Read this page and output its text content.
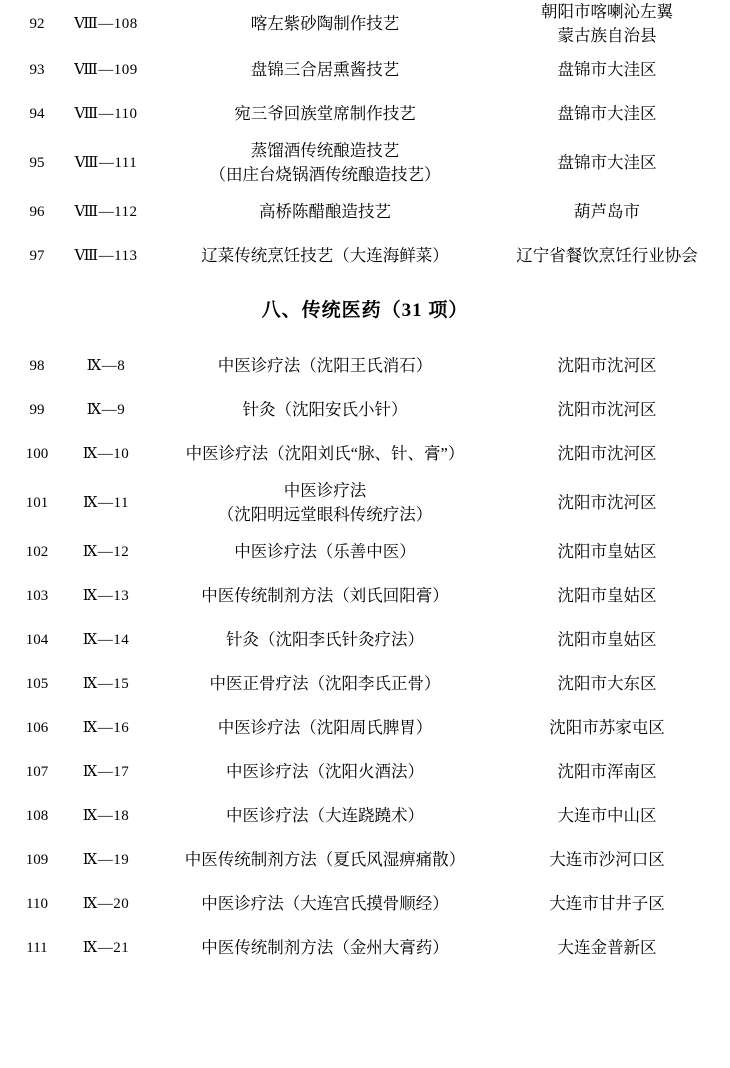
92	Ⅷ—108	喀左紫砂陶制作技艺	朝阳市喀喇沁左翼
蒙古族自治县

93	Ⅷ—109	盘锦三合居熏酱技艺	盘锦市大洼区
94	Ⅷ—110	宛三爷回族堂席制作技艺	盘锦市大洼区
95	Ⅷ—111	蒸馏酒传统酿造技艺
（田庄台烧锅酒传统酿造技艺）	盘锦市大洼区
96	Ⅷ—112	高桥陈醋酿造技艺	葫芦岛市
97	Ⅷ—113	辽菜传统烹饪技艺（大连海鲜菜）	辽宁省餐饮烹饪行业协会
八、传统医药（31 项）			
98	Ⅸ—8	中医诊疗法（沈阳王氏消石）	沈阳市沈河区
99	Ⅸ—9	针灸（沈阳安氏小针）	沈阳市沈河区
100	Ⅸ—10	中医诊疗法（沈阳刘氏“脉、针、膏”）	沈阳市沈河区
101	Ⅸ—11	中医诊疗法
（沈阳明远堂眼科传统疗法）	沈阳市沈河区
102	Ⅸ—12	中医诊疗法（乐善中医）	沈阳市皇姑区
103	Ⅸ—13	中医传统制剂方法（刘氏回阳膏）	沈阳市皇姑区
104	Ⅸ—14	针灸（沈阳李氏针灸疗法）	沈阳市皇姑区
105	Ⅸ—15	中医正骨疗法（沈阳李氏正骨）	沈阳市大东区
106	Ⅸ—16	中医诊疗法（沈阳周氏脾胃）	沈阳市苏家屯区
107	Ⅸ—17	中医诊疗法（沈阳火酒法）	沈阳市浑南区
108	Ⅸ—18	中医诊疗法（大连跷蹺术）	大连市中山区
109	Ⅸ—19	中医传统制剂方法（夏氏风湿痹痛散）	大连市沙河口区
110	Ⅸ—20	中医诊疗法（大连宫氏摸骨顺经）	大连市甘井子区
111	Ⅸ—21	中医传统制剂方法（金州大膏药）	大连金普新区
